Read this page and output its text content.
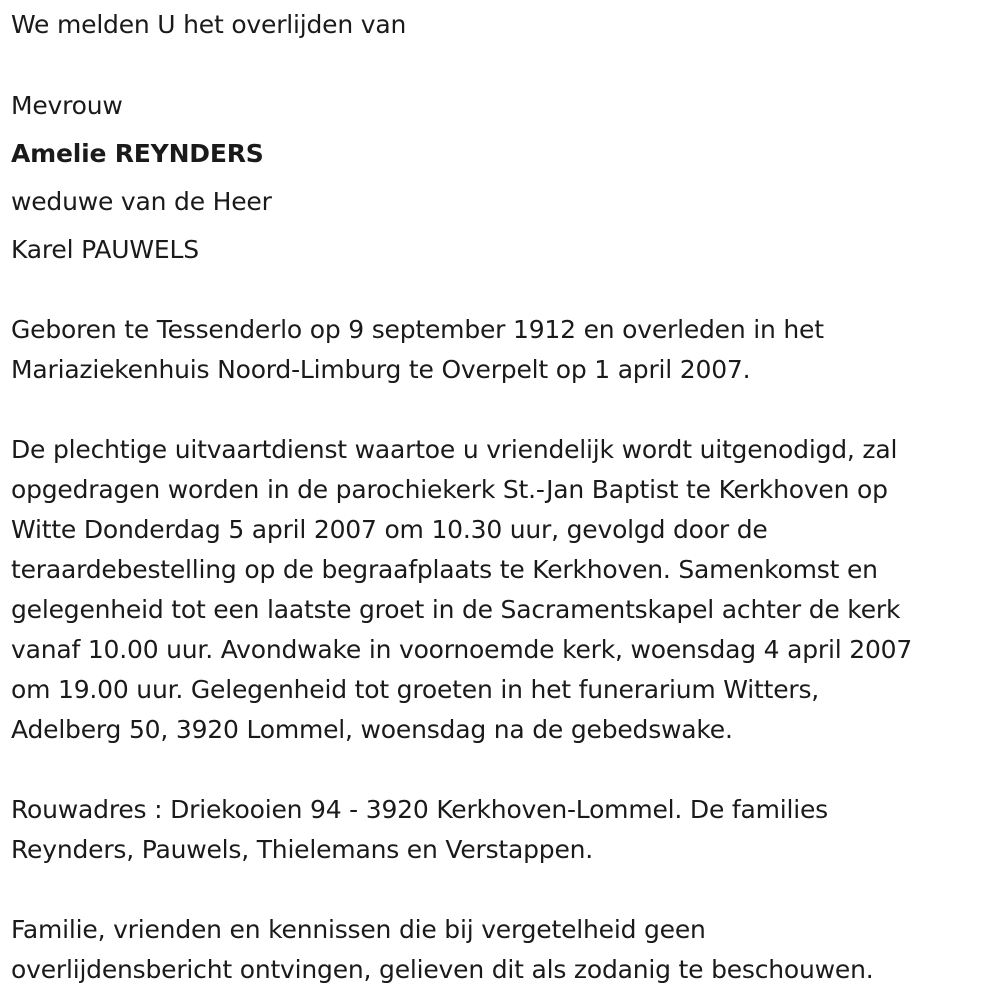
We melden U het overlijden van
Mevrouw
Amelie REYNDERS
weduwe van de Heer
Karel PAUWELS
Geboren te Tessenderlo op 9 september 1912 en overleden in het
Mariaziekenhuis Noord-Limburg te Overpelt op 1 april 2007.
De plechtige uitvaartdienst waartoe u vriendelijk wordt uitgenodigd, zal
opgedragen worden in de parochiekerk St.-Jan Baptist te Kerkhoven op
Witte Donderdag 5 april 2007 om 10.30 uur, gevolgd door de
teraardebestelling op de begraafplaats te Kerkhoven. Samenkomst en
gelegenheid tot een laatste groet in de Sacramentskapel achter de kerk
vanaf 10.00 uur. Avondwake in voornoemde kerk, woensdag 4 april 2007
om 19.00 uur. Gelegenheid tot groeten in het funerarium Witters,
Adelberg 50, 3920 Lommel, woensdag na de gebedswake.
Rouwadres : Driekooien 94 - 3920 Kerkhoven-Lommel. De families
Reynders, Pauwels, Thielemans en Verstappen.
Familie, vrienden en kennissen die bij vergetelheid geen
overlijdensbericht ontvingen, gelieven dit als zodanig te beschouwen.
